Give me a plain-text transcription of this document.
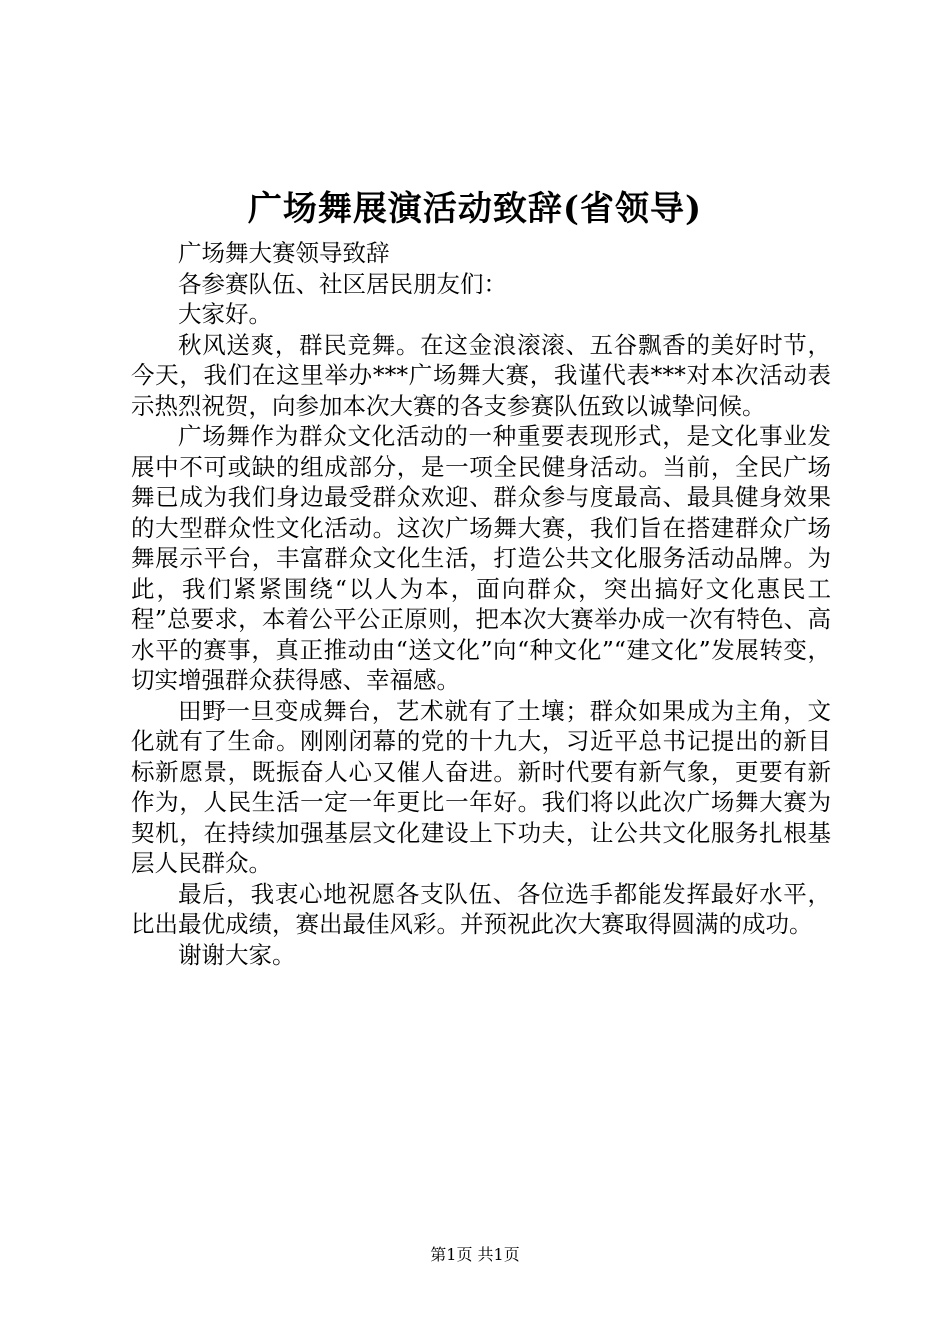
广场舞展演活动致辞(省领导)

广场舞大赛领导致辞

各参赛队伍、社区居民朋友们：

大家好。

秋风送爽，群民竞舞。在这金浪滚滚、五谷飘香的美好时节，今天，我们在这里举办***广场舞大赛，我谨代表***对本次活动表示热烈祝贺，向参加本次大赛的各支参赛队伍致以诚挚问候。

广场舞作为群众文化活动的一种重要表现形式，是文化事业发展中不可或缺的组成部分，是一项全民健身活动。当前，全民广场舞已成为我们身边最受群众欢迎、群众参与度最高、最具健身效果的大型群众性文化活动。这次广场舞大赛，我们旨在搭建群众广场舞展示平台，丰富群众文化生活，打造公共文化服务活动品牌。为此，我们紧紧围绕“以人为本，面向群众，突出搞好文化惠民工程”总要求，本着公平公正原则，把本次大赛举办成一次有特色、高水平的赛事，真正推动由“送文化”向“种文化”“建文化”发展转变，切实增强群众获得感、幸福感。

田野一旦变成舞台，艺术就有了土壤；群众如果成为主角，文化就有了生命。刚刚闭幕的党的十九大，习近平总书记提出的新目标新愿景，既振奋人心又催人奋进。新时代要有新气象，更要有新作为，人民生活一定一年更比一年好。我们将以此次广场舞大赛为契机，在持续加强基层文化建设上下功夫，让公共文化服务扎根基层人民群众。

最后，我衷心地祝愿各支队伍、各位选手都能发挥最好水平，比出最优成绩，赛出最佳风彩。并预祝此次大赛取得圆满的成功。

谢谢大家。

第1页 共1页
